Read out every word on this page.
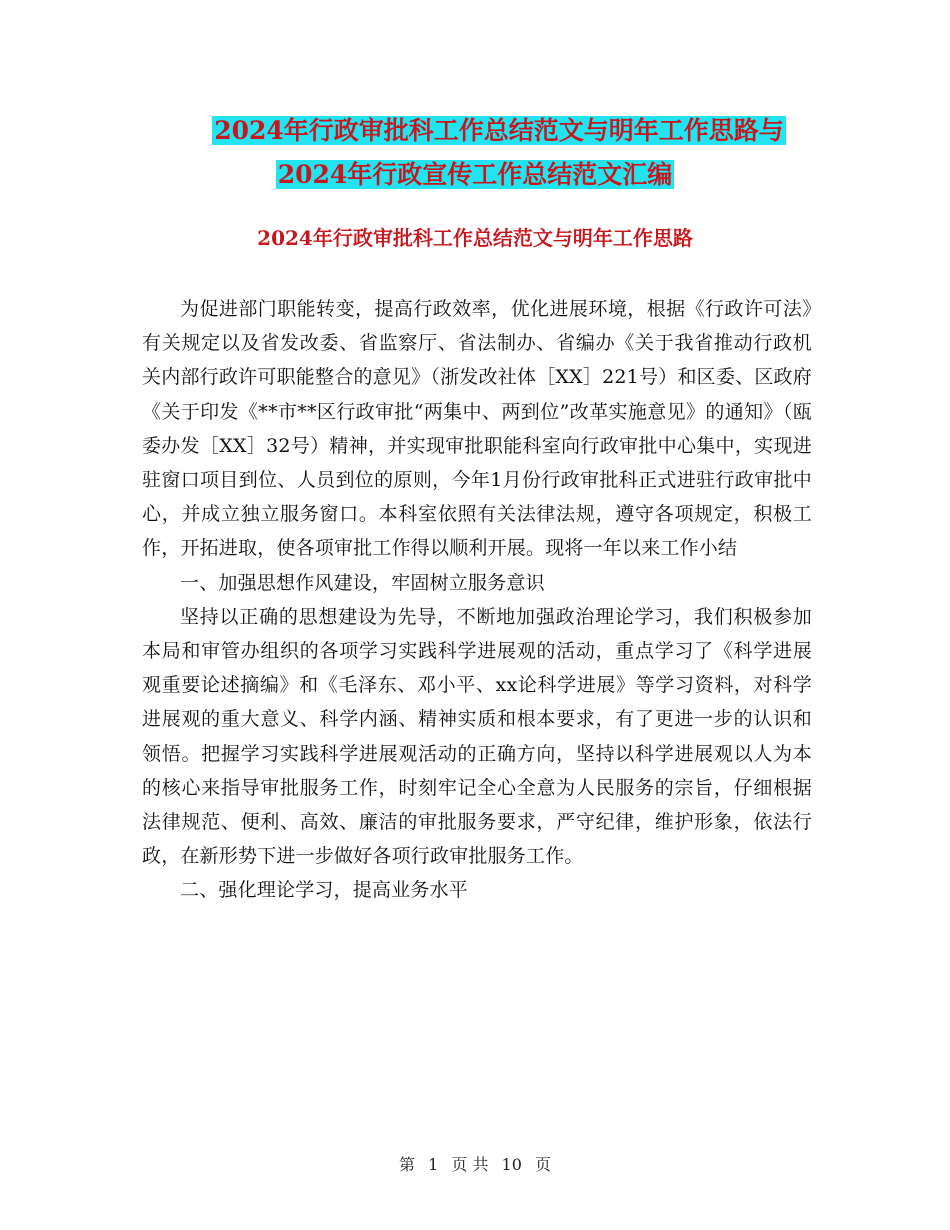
2024年行政审批科工作总结范文与明年工作思路与
2024年行政宣传工作总结范文汇编
2024年行政审批科工作总结范文与明年工作思路

为促进部门职能转变，提高行政效率，优化进展环境，根据《行政许可法》有关规定以及省发改委、省监察厅、省法制办、省编办《关于我省推动行政机关内部行政许可职能整合的意见》（浙发改社体［XX］221号）和区委、区政府《关于印发《**市**区行政审批“两集中、两到位”改革实施意见》的通知》（瓯委办发［XX］32号）精神，并实现审批职能科室向行政审批中心集中，实现进驻窗口项目到位、人员到位的原则，今年1月份行政审批科正式进驻行政审批中心，并成立独立服务窗口。本科室依照有关法律法规，遵守各项规定，积极工作，开拓进取，使各项审批工作得以顺利开展。现将一年以来工作小结

一、加强思想作风建设，牢固树立服务意识

坚持以正确的思想建设为先导，不断地加强政治理论学习，我们积极参加本局和审管办组织的各项学习实践科学进展观的活动，重点学习了《科学进展观重要论述摘编》和《毛泽东、邓小平、xx论科学进展》等学习资料，对科学进展观的重大意义、科学内涵、精神实质和根本要求，有了更进一步的认识和领悟。把握学习实践科学进展观活动的正确方向，坚持以科学进展观以人为本的核心来指导审批服务工作，时刻牢记全心全意为人民服务的宗旨，仔细根据法律规范、便利、高效、廉洁的审批服务要求，严守纪律，维护形象，依法行政，在新形势下进一步做好各项行政审批服务工作。

二、强化理论学习，提高业务水平

第 1 页 共 10 页
